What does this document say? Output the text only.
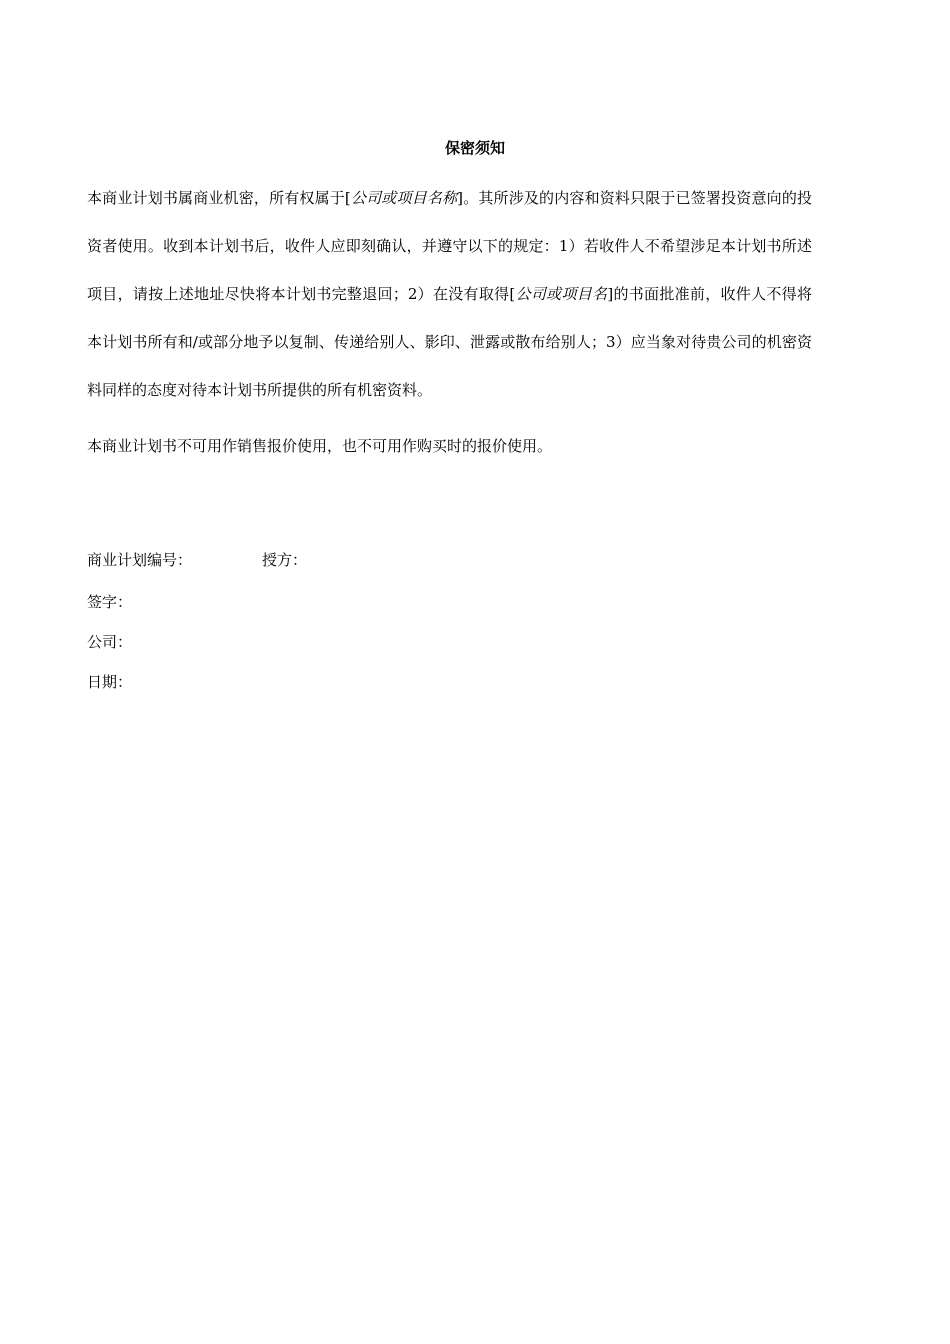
保密须知

本商业计划书属商业机密，所有权属于[公司或项目名称]。其所涉及的内容和资料只限于已签署投资意向的投资者使用。收到本计划书后，收件人应即刻确认，并遵守以下的规定：1）若收件人不希望涉足本计划书所述项目，请按上述地址尽快将本计划书完整退回；2）在没有取得[公司或项目名]的书面批准前，收件人不得将本计划书所有和/或部分地予以复制、传递给别人、影印、泄露或散布给别人；3）应当象对待贵公司的机密资料同样的态度对待本计划书所提供的所有机密资料。

本商业计划书不可用作销售报价使用，也不可用作购买时的报价使用。

商业计划编号：	授方：
签字：
公司：
日期：
